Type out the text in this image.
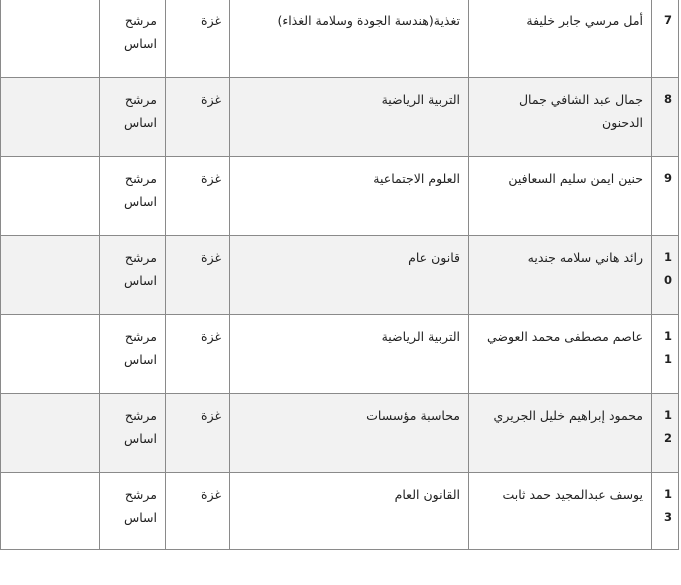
7	أمل مرسي جابر خليفة	تغذية(هندسة الجودة وسلامة الغذاء)	غزة	مرشح اساس	
8	جمال عبد الشافي جمال الدحنون	التربية الرياضية	غزة	مرشح اساس	
9	حنين ايمن سليم السعافين	العلوم الاجتماعية	غزة	مرشح اساس	
10	رائد هاني سلامه جنديه	قانون عام	غزة	مرشح اساس	
11	عاصم مصطفى محمد العوضي	التربية الرياضية	غزة	مرشح اساس	
12	محمود إبراهيم خليل الجريري	محاسبة مؤسسات	غزة	مرشح اساس	
13	يوسف عبدالمجيد حمد ثابت	القانون العام	غزة	مرشح اساس	
